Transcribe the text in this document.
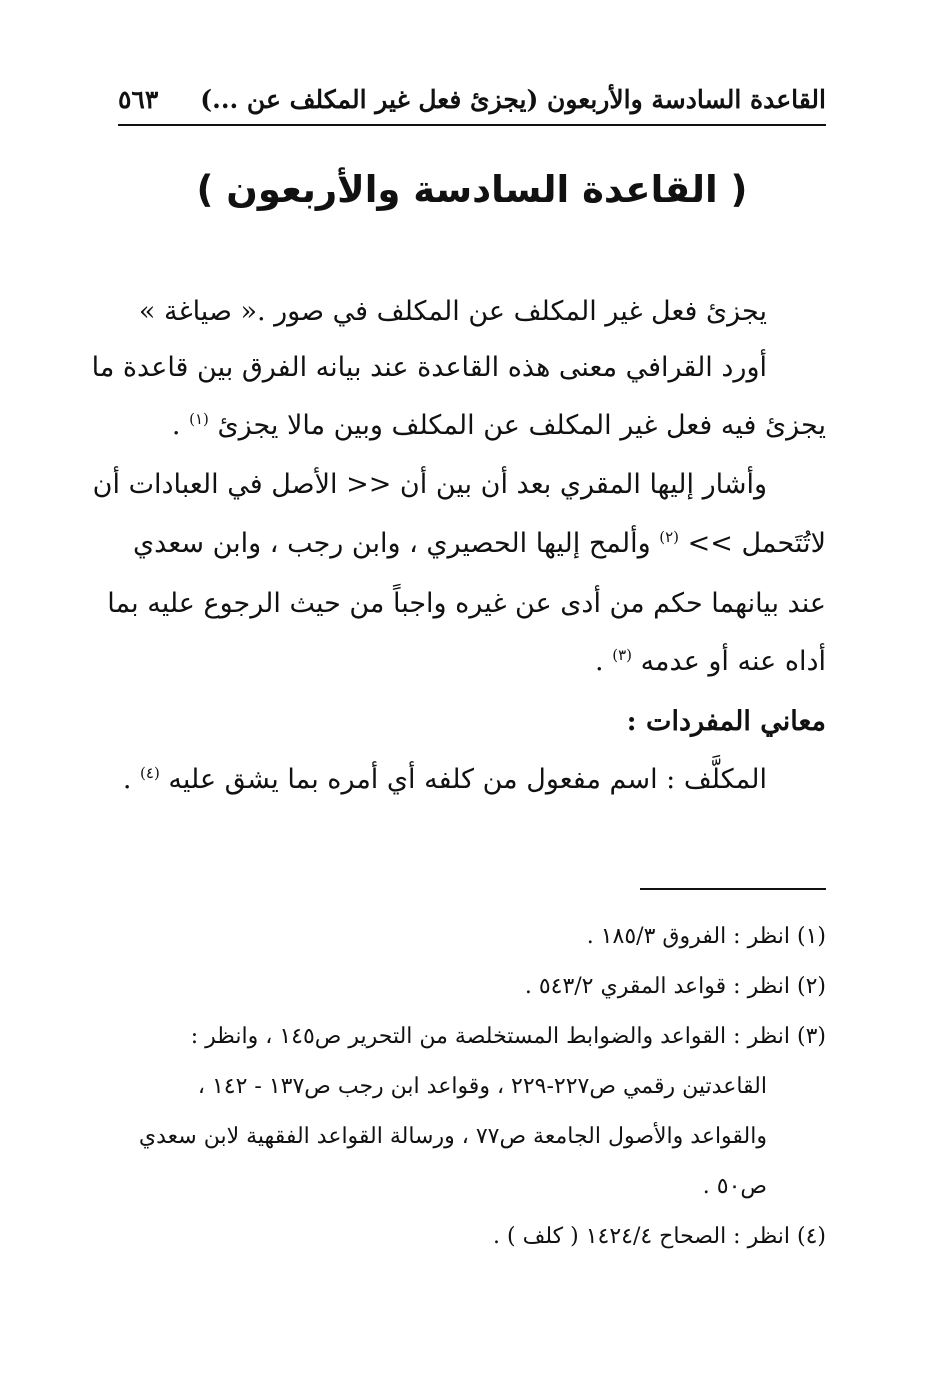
القاعدة السادسة والأربعون (يجزئ فعل غير المكلف عن ...)
٥٦٣
( القاعدة السادسة والأربعون )
يجزئ فعل غير المكلف عن المكلف في صور .« صياغة »
أورد القرافي معنى هذه القاعدة عند بيانه الفرق بين قاعدة ما
يجزئ فيه فعل غير المكلف عن المكلف وبين مالا يجزئ $^{(١)}$ .
وأشار إليها المقري بعد أن بين أن << الأصل في العبادات أن
لاتُتَحمل >> $^{(٢)}$ وألمح إليها الحصيري ، وابن رجب ، وابن سعدي
عند بيانهما حكم من أدى عن غيره واجباً من حيث الرجوع عليه بما
أداه عنه أو عدمه $^{(٣)}$ .
معاني المفردات :
المكلَّف : اسم مفعول من كلفه أي أمره بما يشق عليه $^{(٤)}$ .
(١) انظر : الفروق ١٨٥/٣ .
(٢) انظر : قواعد المقري ٥٤٣/٢ .
(٣) انظر : القواعد والضوابط المستخلصة من التحرير ص١٤٥ ، وانظر :
القاعدتين رقمي ص٢٢٧-٢٢٩ ، وقواعد ابن رجب ص١٣٧ - ١٤٢ ،
والقواعد والأصول الجامعة ص٧٧ ، ورسالة القواعد الفقهية لابن سعدي
ص٥٠ .
(٤) انظر : الصحاح ١٤٢٤/٤ ( كلف ) .
